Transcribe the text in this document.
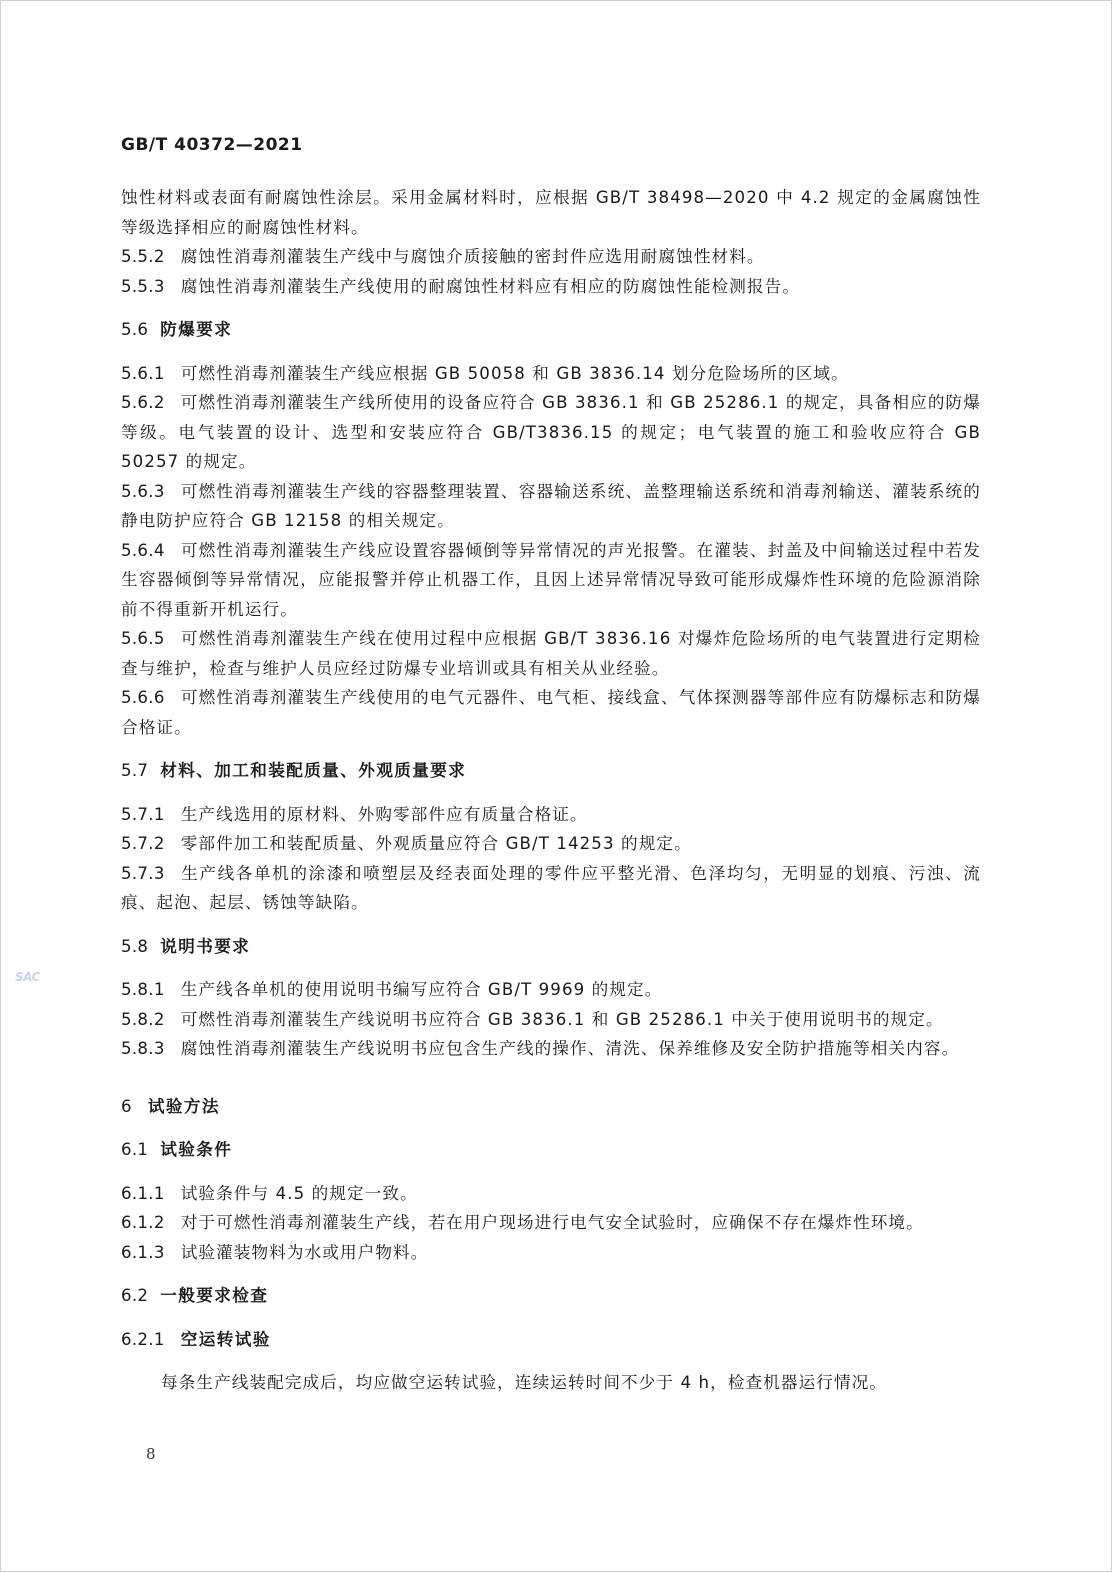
SAC
GB/T 40372—2021

蚀性材料或表面有耐腐蚀性涂层。采用金属材料时，应根据 GB/T 38498—2020 中 4.2 规定的金属腐蚀性等级选择相应的耐腐蚀性材料。

5.5.2 腐蚀性消毒剂灌装生产线中与腐蚀介质接触的密封件应选用耐腐蚀性材料。

5.5.3 腐蚀性消毒剂灌装生产线使用的耐腐蚀性材料应有相应的防腐蚀性能检测报告。

5.6 防爆要求

5.6.1 可燃性消毒剂灌装生产线应根据 GB 50058 和 GB 3836.14 划分危险场所的区域。

5.6.2 可燃性消毒剂灌装生产线所使用的设备应符合 GB 3836.1 和 GB 25286.1 的规定，具备相应的防爆等级。电气装置的设计、选型和安装应符合 GB/T3836.15 的规定；电气装置的施工和验收应符合 GB 50257 的规定。

5.6.3 可燃性消毒剂灌装生产线的容器整理装置、容器输送系统、盖整理输送系统和消毒剂输送、灌装系统的静电防护应符合 GB 12158 的相关规定。

5.6.4 可燃性消毒剂灌装生产线应设置容器倾倒等异常情况的声光报警。在灌装、封盖及中间输送过程中若发生容器倾倒等异常情况，应能报警并停止机器工作，且因上述异常情况导致可能形成爆炸性环境的危险源消除前不得重新开机运行。

5.6.5 可燃性消毒剂灌装生产线在使用过程中应根据 GB/T 3836.16 对爆炸危险场所的电气装置进行定期检查与维护，检查与维护人员应经过防爆专业培训或具有相关从业经验。

5.6.6 可燃性消毒剂灌装生产线使用的电气元器件、电气柜、接线盒、气体探测器等部件应有防爆标志和防爆合格证。

5.7 材料、加工和装配质量、外观质量要求

5.7.1 生产线选用的原材料、外购零部件应有质量合格证。

5.7.2 零部件加工和装配质量、外观质量应符合 GB/T 14253 的规定。

5.7.3 生产线各单机的涂漆和喷塑层及经表面处理的零件应平整光滑、色泽均匀，无明显的划痕、污浊、流痕、起泡、起层、锈蚀等缺陷。

5.8 说明书要求

5.8.1 生产线各单机的使用说明书编写应符合 GB/T 9969 的规定。

5.8.2 可燃性消毒剂灌装生产线说明书应符合 GB 3836.1 和 GB 25286.1 中关于使用说明书的规定。

5.8.3 腐蚀性消毒剂灌装生产线说明书应包含生产线的操作、清洗、保养维修及安全防护措施等相关内容。

6 试验方法
6.1 试验条件

6.1.1 试验条件与 4.5 的规定一致。

6.1.2 对于可燃性消毒剂灌装生产线，若在用户现场进行电气安全试验时，应确保不存在爆炸性环境。

6.1.3 试验灌装物料为水或用户物料。

6.2 一般要求检查
6.2.1 空运转试验

每条生产线装配完成后，均应做空运转试验，连续运转时间不少于 4 h，检查机器运行情况。

8
